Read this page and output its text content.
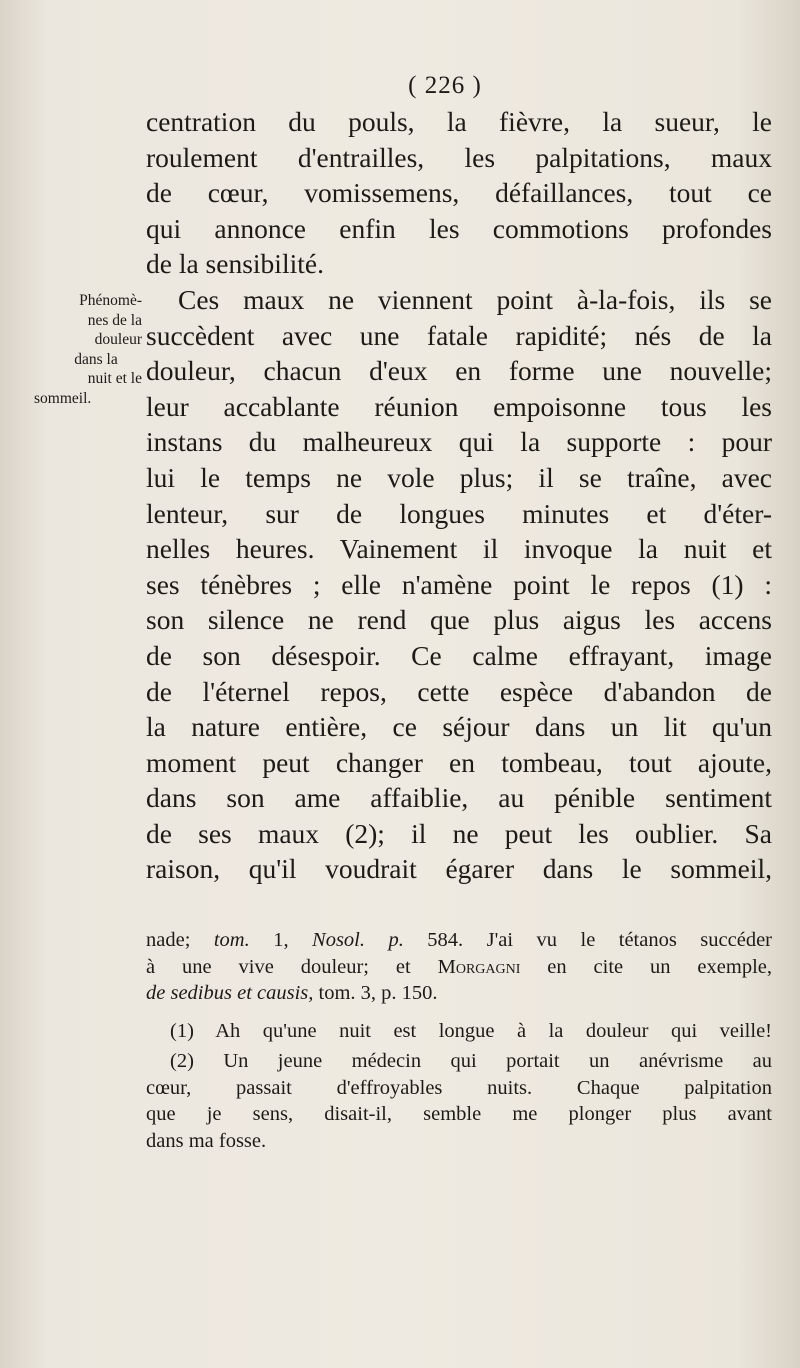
( 226 )
Phénomè-
nes de la
douleur
dans la
nuit et le
sommeil.
centration du pouls, la fièvre, la sueur, le
roulement d'entrailles, les palpitations, maux
de cœur, vomissemens, défaillances, tout ce
qui annonce enfin les commotions profondes
de la sensibilité.
Ces maux ne viennent point à-la-fois, ils se
succèdent avec une fatale rapidité; nés de la
douleur, chacun d'eux en forme une nouvelle;
leur accablante réunion empoisonne tous les
instans du malheureux qui la supporte : pour
lui le temps ne vole plus; il se traîne, avec
lenteur, sur de longues minutes et d'éter-
nelles heures. Vainement il invoque la nuit et
ses ténèbres ; elle n'amène point le repos (1) :
son silence ne rend que plus aigus les accens
de son désespoir. Ce calme effrayant, image
de l'éternel repos, cette espèce d'abandon de
la nature entière, ce séjour dans un lit qu'un
moment peut changer en tombeau, tout ajoute,
dans son ame affaiblie, au pénible sentiment
de ses maux (2); il ne peut les oublier. Sa
raison, qu'il voudrait égarer dans le sommeil,
nade; tom. 1, Nosol. p. 584. J'ai vu le tétanos succéder
à une vive douleur; et Morgagni en cite un exemple,
de sedibus et causis, tom. 3, p. 150.
(1) Ah qu'une nuit est longue à la douleur qui veille!
(2) Un jeune médecin qui portait un anévrisme au
cœur, passait d'effroyables nuits. Chaque palpitation
que je sens, disait-il, semble me plonger plus avant
dans ma fosse.
